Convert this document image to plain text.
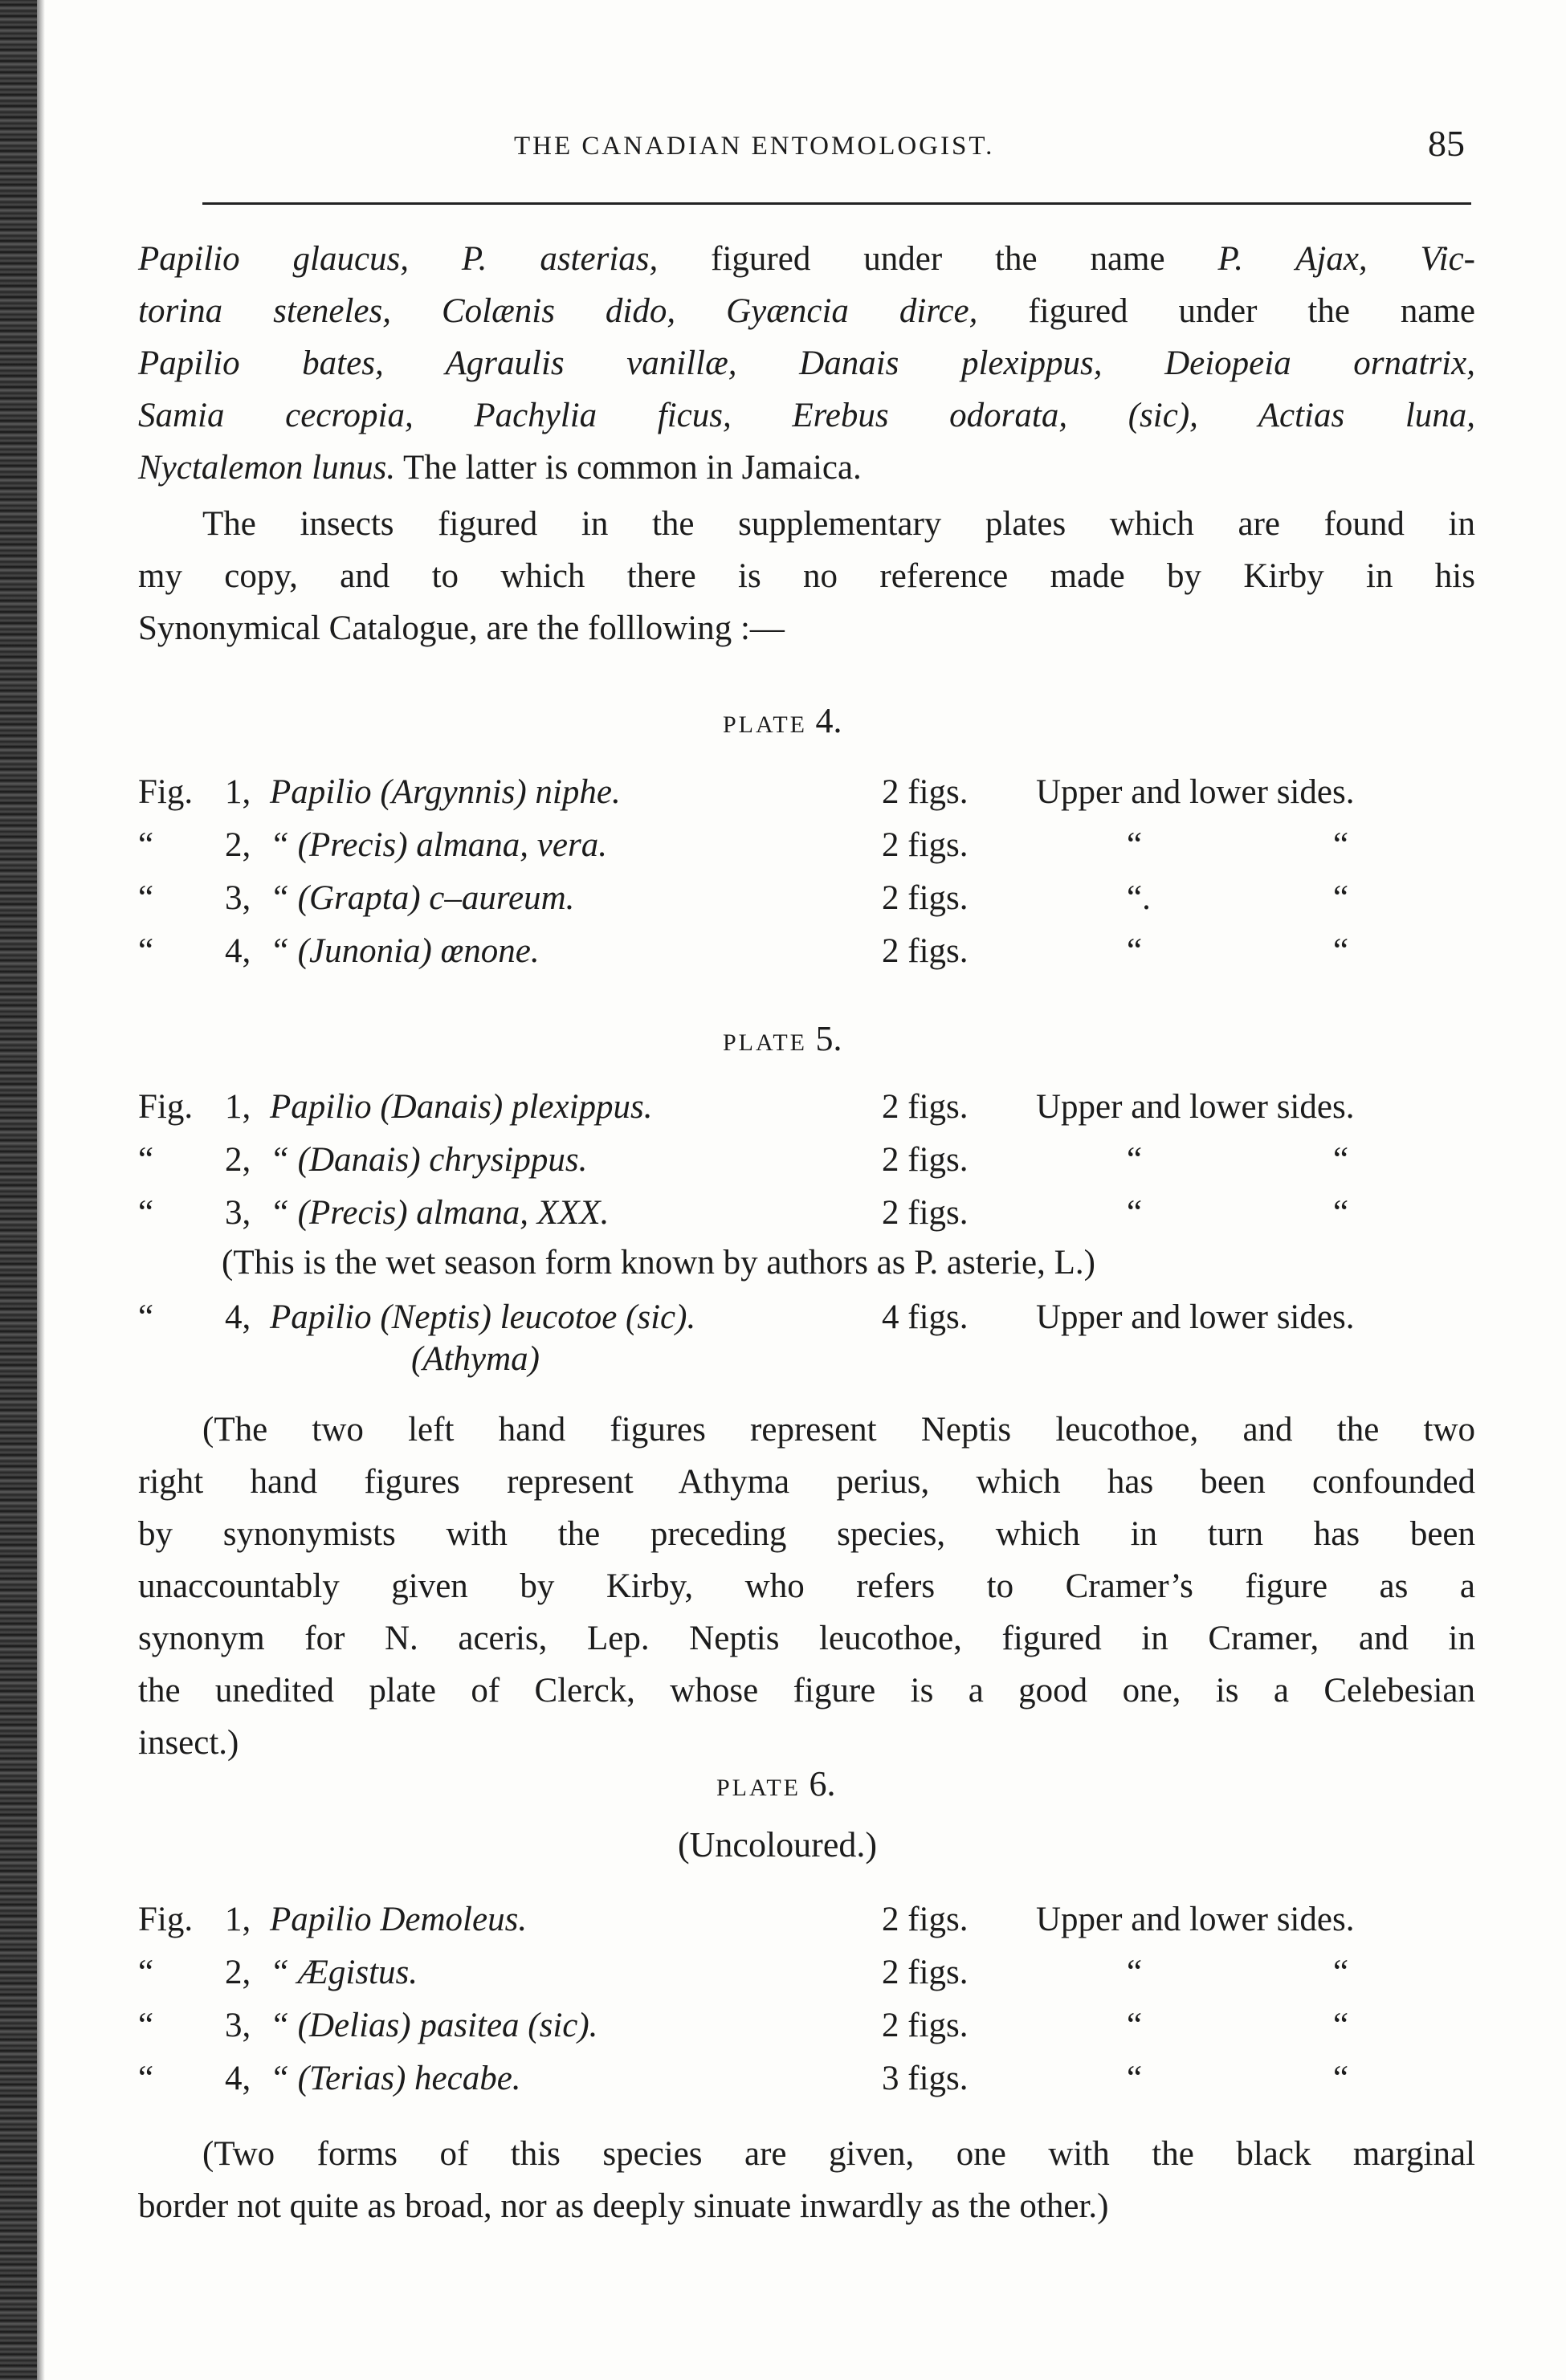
THE CANADIAN ENTOMOLOGIST.	85
Papilio glaucus, P. asterias, figured under the name P. Ajax, Vic-
torina steneles, Colænis dido, Gyæncia dirce, figured under the name
Papilio bates, Agraulis vanillæ, Danais plexippus, Deiopeia ornatrix,
Samia cecropia, Pachylia ficus, Erebus odorata, (sic), Actias luna,
Nyctalemon lunus. The latter is common in Jamaica.
The insects figured in the supplementary plates which are found in
my copy, and to which there is no reference made by Kirby in his
Synonymical Catalogue, are the folllowing :—
PLATE 4.
Fig. 1, Papilio (Argynnis) niphe.	2 figs. Upper and lower sides.
“ 2, “ (Precis) almana, vera.	2 figs.	“	“
“ 3, “ (Grapta) c–aureum.	2 figs.	“.	“
“ 4, “ (Junonia) œnone.	2 figs.	“	“
PLATE 5.
Fig. 1, Papilio (Danais) plexippus.	2 figs. Upper and lower sides.
“ 2, “ (Danais) chrysippus.	2 figs.	“	“
“ 3, “ (Precis) almana, XXX.	2 figs.	“	“
(This is the wet season form known by authors as P. asterie, L.)
“ 4, Papilio (Neptis) leucotoe (sic).	4 figs. Upper and lower sides.
(Athyma)
(The two left hand figures represent Neptis leucothoe, and the two
right hand figures represent Athyma perius, which has been confounded
by synonymists with the preceding species, which in turn has been
unaccountably given by Kirby, who refers to Cramer’s figure as a
synonym for N. aceris, Lep. Neptis leucothoe, figured in Cramer, and in
the unedited plate of Clerck, whose figure is a good one, is a Celebesian
insect.)
PLATE 6.
(Uncoloured.)
Fig. 1, Papilio Demoleus.	2 figs. Upper and lower sides.
“ 2, “ Ægistus.	2 figs.	“	“
“ 3, “ (Delias) pasitea (sic).	2 figs.	“	“
“ 4, “ (Terias) hecabe.	3 figs.	“	“
(Two forms of this species are given, one with the black marginal
border not quite as broad, nor as deeply sinuate inwardly as the other.)
